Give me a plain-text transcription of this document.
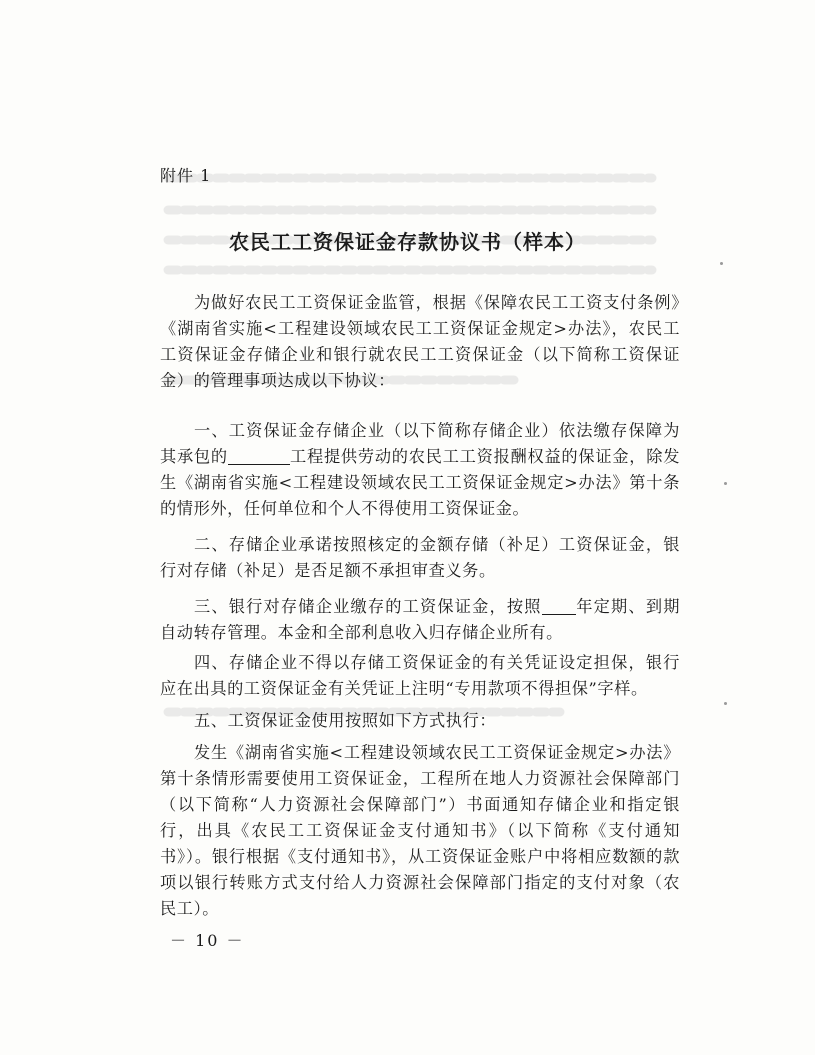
附件 1
农民工工资保证金存款协议书（样本）
为做好农民工工资保证金监管，根据《保障农民工工资支付条例》《湖南省实施<工程建设领域农民工工资保证金规定>办法》，农民工工资保证金存储企业和银行就农民工工资保证金（以下简称工资保证金）的管理事项达成以下协议：
一、工资保证金存储企业（以下简称存储企业）依法缴存保障为其承包的	工程提供劳动的农民工工资报酬权益的保证金，除发生《湖南省实施<工程建设领域农民工工资保证金规定>办法》第十条的情形外，任何单位和个人不得使用工资保证金。
二、存储企业承诺按照核定的金额存储（补足）工资保证金，银行对存储（补足）是否足额不承担审查义务。
三、银行对存储企业缴存的工资保证金，按照 年定期、到期自动转存管理。本金和全部利息收入归存储企业所有。
四、存储企业不得以存储工资保证金的有关凭证设定担保，银行应在出具的工资保证金有关凭证上注明“专用款项不得担保”字样。
五、工资保证金使用按照如下方式执行：
发生《湖南省实施<工程建设领域农民工工资保证金规定>办法》第十条情形需要使用工资保证金，工程所在地人力资源社会保障部门（以下简称“人力资源社会保障部门”）书面通知存储企业和指定银行，出具《农民工工资保证金支付通知书》（以下简称《支付通知书》）。银行根据《支付通知书》，从工资保证金账户中将相应数额的款项以银行转账方式支付给人力资源社会保障部门指定的支付对象（农民工）。
－ 10 －
